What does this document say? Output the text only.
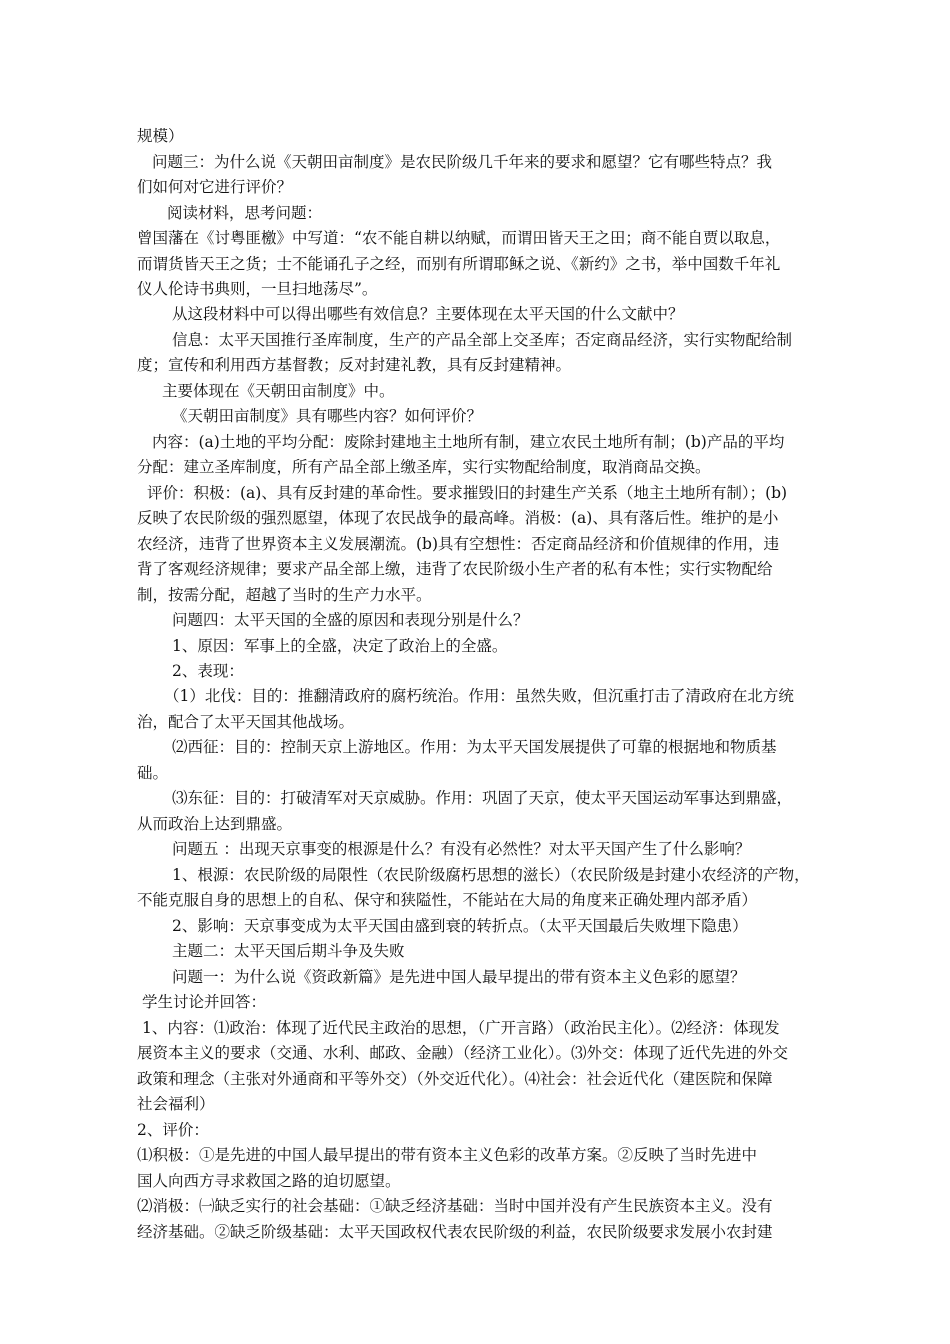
规模）
问题三：为什么说《天朝田亩制度》是农民阶级几千年来的要求和愿望？它有哪些特点？我
们如何对它进行评价？
阅读材料，思考问题：
曾国藩在《讨粤匪檄》中写道：“农不能自耕以纳赋，而谓田皆天王之田；商不能自贾以取息，
而谓货皆天王之货；士不能诵孔子之经，而别有所谓耶稣之说、《新约》之书，举中国数千年礼
仪人伦诗书典则，一旦扫地荡尽”。
从这段材料中可以得出哪些有效信息？主要体现在太平天国的什么文献中？
信息：太平天国推行圣库制度，生产的产品全部上交圣库；否定商品经济，实行实物配给制
度；宣传和利用西方基督教；反对封建礼教，具有反封建精神。
主要体现在《天朝田亩制度》中。
《天朝田亩制度》具有哪些内容？如何评价？
内容：(a)土地的平均分配：废除封建地主土地所有制，建立农民土地所有制；(b)产品的平均
分配：建立圣库制度，所有产品全部上缴圣库，实行实物配给制度，取消商品交换。
评价：积极：(a)、具有反封建的革命性。要求摧毁旧的封建生产关系（地主土地所有制）；(b)
反映了农民阶级的强烈愿望，体现了农民战争的最高峰。消极：(a)、具有落后性。维护的是小
农经济，违背了世界资本主义发展潮流。(b)具有空想性：否定商品经济和价值规律的作用，违
背了客观经济规律；要求产品全部上缴，违背了农民阶级小生产者的私有本性；实行实物配给
制，按需分配，超越了当时的生产力水平。
问题四：太平天国的全盛的原因和表现分别是什么？
1、原因：军事上的全盛，决定了政治上的全盛。
2、表现：
（1）北伐：目的：推翻清政府的腐朽统治。作用：虽然失败，但沉重打击了清政府在北方统
治，配合了太平天国其他战场。
⑵西征：目的：控制天京上游地区。作用：为太平天国发展提供了可靠的根据地和物质基
础。
⑶东征：目的：打破清军对天京威胁。作用：巩固了天京，使太平天国运动军事达到鼎盛，
从而政治上达到鼎盛。
问题五 ：出现天京事变的根源是什么？有没有必然性？对太平天国产生了什么影响？
1、根源：农民阶级的局限性（农民阶级腐朽思想的滋长）（农民阶级是封建小农经济的产物，
不能克服自身的思想上的自私、保守和狭隘性，不能站在大局的角度来正确处理内部矛盾）
2、影响：天京事变成为太平天国由盛到衰的转折点。（太平天国最后失败埋下隐患）
主题二：太平天国后期斗争及失败
问题一：为什么说《资政新篇》是先进中国人最早提出的带有资本主义色彩的愿望？
学生讨论并回答：
1、内容：⑴政治：体现了近代民主政治的思想，（广开言路）（政治民主化）。⑵经济：体现发
展资本主义的要求（交通、水利、邮政、金融）（经济工业化）。⑶外交：体现了近代先进的外交
政策和理念（主张对外通商和平等外交）（外交近代化）。⑷社会：社会近代化（建医院和保障
社会福利）
2、评价：
⑴积极：①是先进的中国人最早提出的带有资本主义色彩的改革方案。②反映了当时先进中
国人向西方寻求救国之路的迫切愿望。
⑵消极：㈠缺乏实行的社会基础：①缺乏经济基础：当时中国并没有产生民族资本主义。没有
经济基础。②缺乏阶级基础：太平天国政权代表农民阶级的利益，农民阶级要求发展小农封建
